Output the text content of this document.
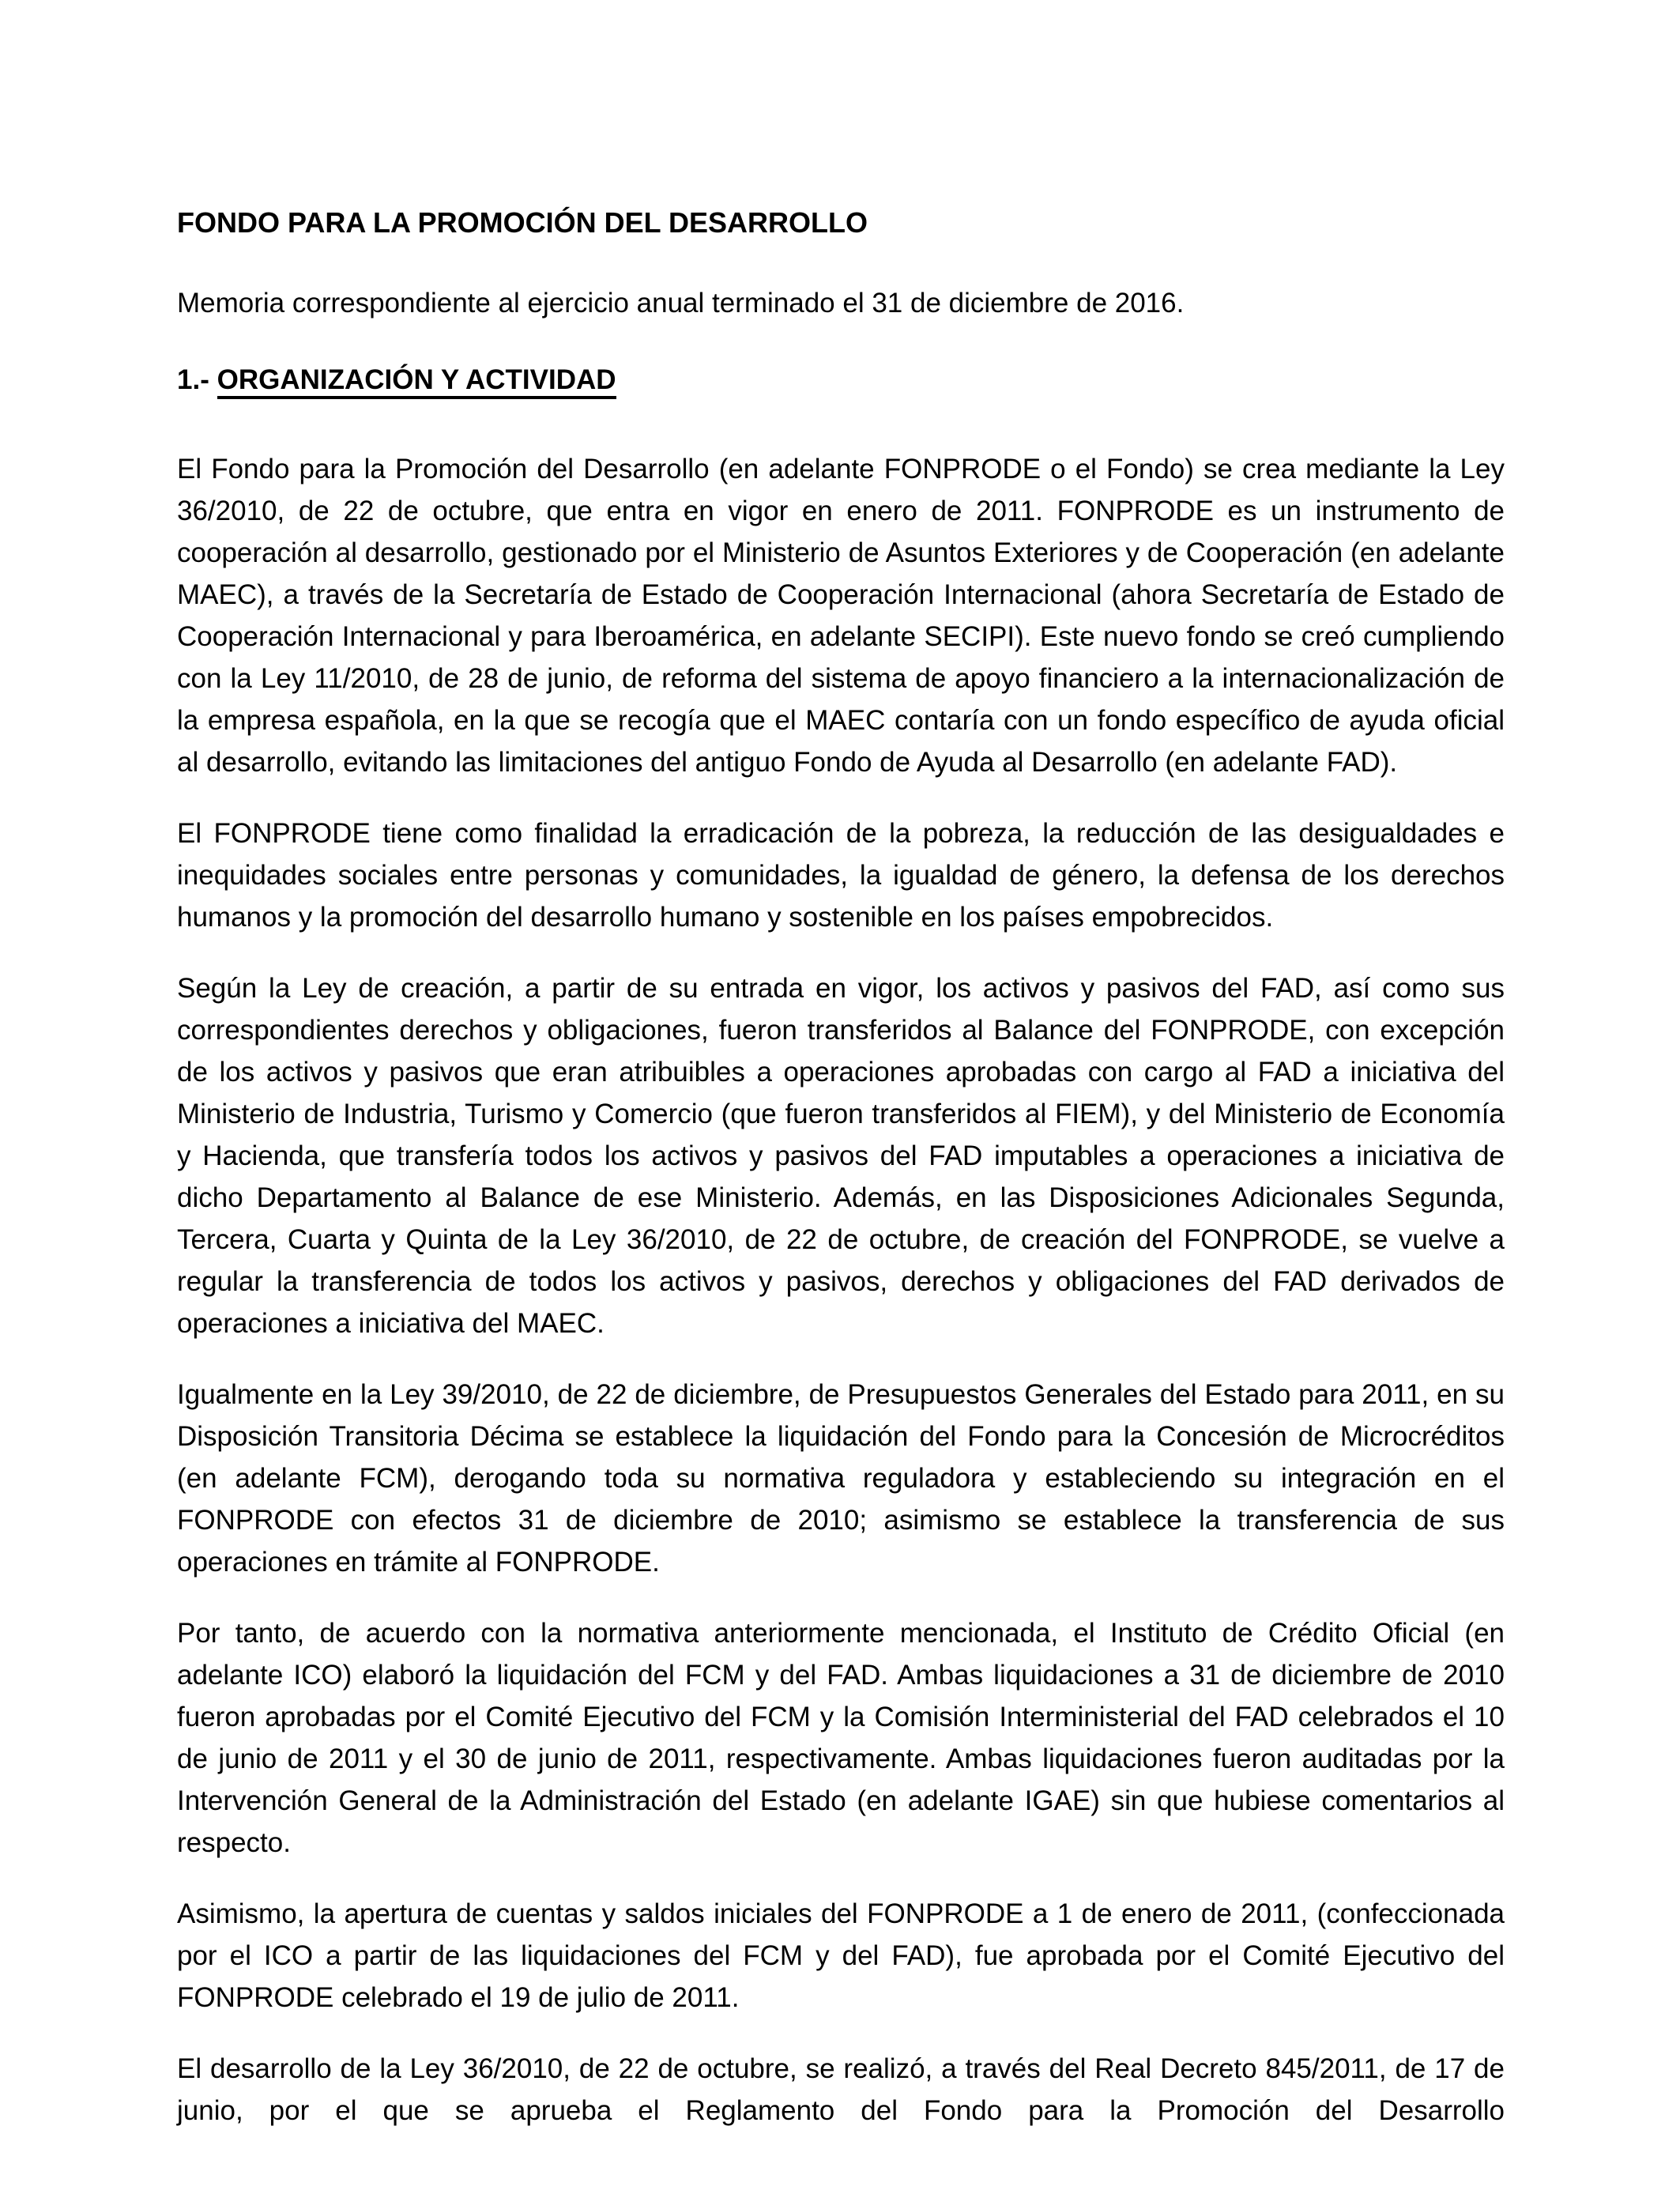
FONDO PARA LA PROMOCIÓN DEL DESARROLLO

Memoria correspondiente al ejercicio anual terminado el 31 de diciembre de 2016.

1.- ORGANIZACIÓN Y ACTIVIDAD

El Fondo para la Promoción del Desarrollo (en adelante FONPRODE o el Fondo) se crea mediante la Ley 36/2010, de 22 de octubre, que entra en vigor en enero de 2011. FONPRODE es un instrumento de cooperación al desarrollo, gestionado por el Ministerio de Asuntos Exteriores y de Cooperación (en adelante MAEC), a través de la Secretaría de Estado de Cooperación Internacional (ahora Secretaría de Estado de Cooperación Internacional y para Iberoamérica, en adelante SECIPI). Este nuevo fondo se creó cumpliendo con la Ley 11/2010, de 28 de junio, de reforma del sistema de apoyo financiero a la internacionalización de la empresa española, en la que se recogía que el MAEC contaría con un fondo específico de ayuda oficial al desarrollo, evitando las limitaciones del antiguo Fondo de Ayuda al Desarrollo (en adelante FAD).

El FONPRODE tiene como finalidad la erradicación de la pobreza, la reducción de las desigualdades e inequidades sociales entre personas y comunidades, la igualdad de género, la defensa de los derechos humanos y la promoción del desarrollo humano y sostenible en los países empobrecidos.

Según la Ley de creación, a partir de su entrada en vigor, los activos y pasivos del FAD, así como sus correspondientes derechos y obligaciones, fueron transferidos al Balance del FONPRODE, con excepción de los activos y pasivos que eran atribuibles a operaciones aprobadas con cargo al FAD a iniciativa del Ministerio de Industria, Turismo y Comercio (que fueron transferidos al FIEM), y del Ministerio de Economía y Hacienda, que transfería todos los activos y pasivos del FAD imputables a operaciones a iniciativa de dicho Departamento al Balance de ese Ministerio. Además, en las Disposiciones Adicionales Segunda, Tercera, Cuarta y Quinta de la Ley 36/2010, de 22 de octubre, de creación del FONPRODE, se vuelve a regular la transferencia de todos los activos y pasivos, derechos y obligaciones del FAD derivados de operaciones a iniciativa del MAEC.

Igualmente en la Ley 39/2010, de 22 de diciembre, de Presupuestos Generales del Estado para 2011, en su Disposición Transitoria Décima se establece la liquidación del Fondo para la Concesión de Microcréditos (en adelante FCM), derogando toda su normativa reguladora y estableciendo su integración en el FONPRODE con efectos 31 de diciembre de 2010; asimismo se establece la transferencia de sus operaciones en trámite al FONPRODE.

Por tanto, de acuerdo con la normativa anteriormente mencionada, el Instituto de Crédito Oficial (en adelante ICO) elaboró la liquidación del FCM y del FAD. Ambas liquidaciones a 31 de diciembre de 2010 fueron aprobadas por el Comité Ejecutivo del FCM y la Comisión Interministerial del FAD celebrados el 10 de junio de 2011 y el 30 de junio de 2011, respectivamente. Ambas liquidaciones fueron auditadas por la Intervención General de la Administración del Estado (en adelante IGAE) sin que hubiese comentarios al respecto.

Asimismo, la apertura de cuentas y saldos iniciales del FONPRODE a 1 de enero de 2011, (confeccionada por el ICO a partir de las liquidaciones del FCM y del FAD), fue aprobada por el Comité Ejecutivo del FONPRODE celebrado el 19 de julio de 2011.

El desarrollo de la Ley 36/2010, de 22 de octubre, se realizó, a través del Real Decreto 845/2011, de 17 de junio, por el que se aprueba el Reglamento del Fondo para la Promoción del Desarrollo
